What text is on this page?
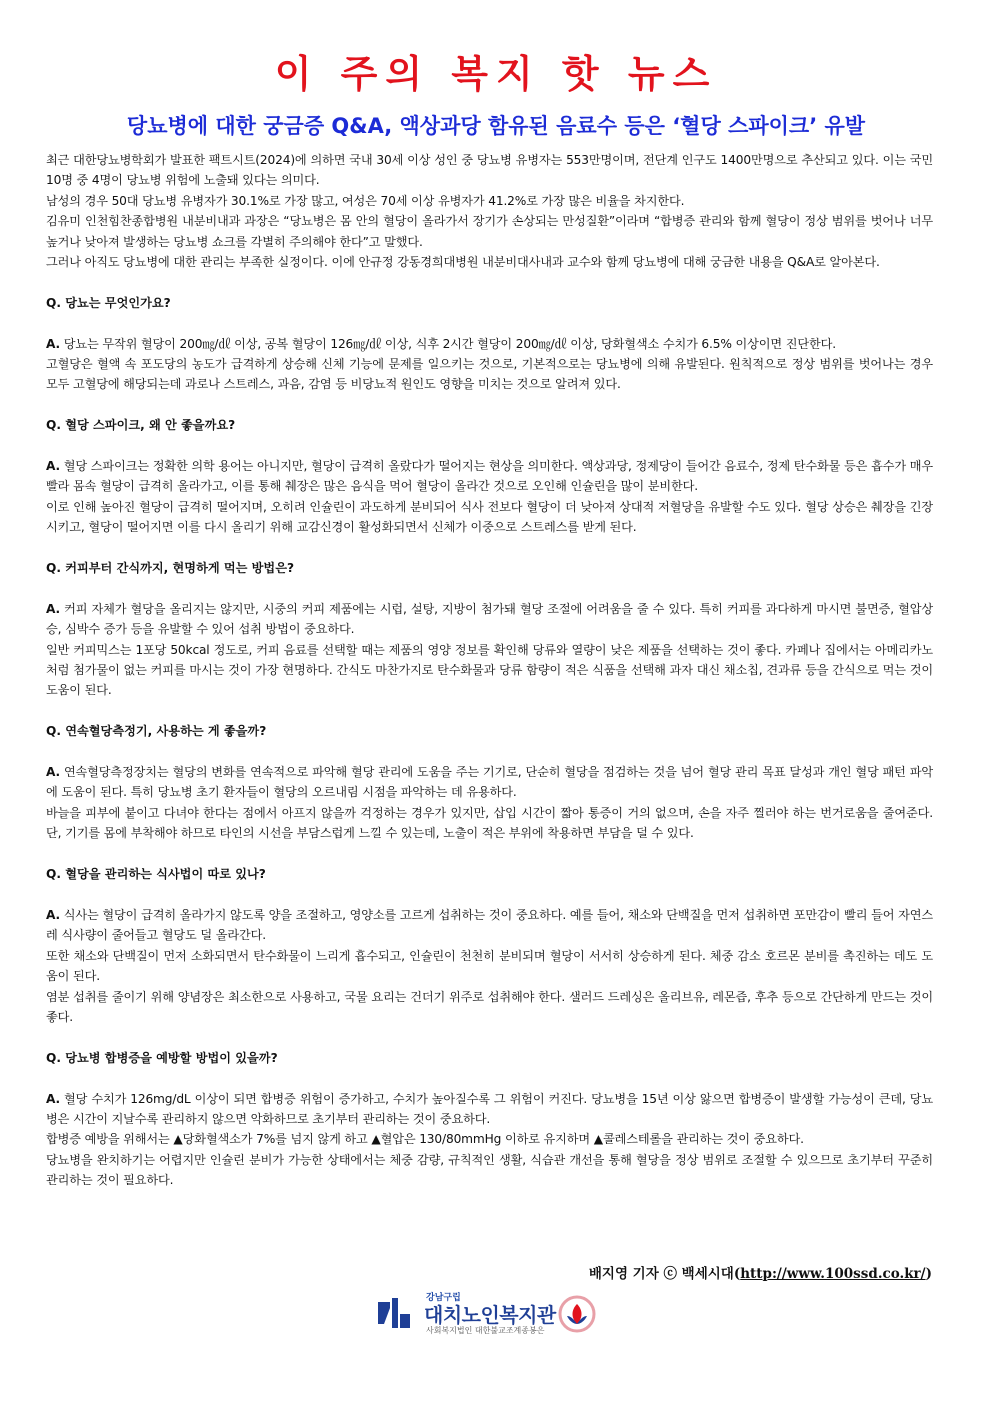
이 주의 복지 핫 뉴스
당뇨병에 대한 궁금증 Q&A, 액상과당 함유된 음료수 등은 ‘혈당 스파이크’ 유발

최근 대한당뇨병학회가 발표한 팩트시트(2024)에 의하면 국내 30세 이상 성인 중 당뇨병 유병자는 553만명이며, 전단계 인구도 1400만명으로 추산되고 있다. 이는 국민 10명 중 4명이 당뇨병 위험에 노출돼 있다는 의미다.

남성의 경우 50대 당뇨병 유병자가 30.1%로 가장 많고, 여성은 70세 이상 유병자가 41.2%로 가장 많은 비율을 차지한다.

김유미 인천힘찬종합병원 내분비내과 과장은 “당뇨병은 몸 안의 혈당이 올라가서 장기가 손상되는 만성질환”이라며 “합병증 관리와 함께 혈당이 정상 범위를 벗어나 너무 높거나 낮아져 발생하는 당뇨병 쇼크를 각별히 주의해야 한다”고 말했다.

그러나 아직도 당뇨병에 대한 관리는 부족한 실정이다. 이에 안규정 강동경희대병원 내분비대사내과 교수와 함께 당뇨병에 대해 궁금한 내용을 Q&A로 알아본다.

Q. 당뇨는 무엇인가요?

A. 당뇨는 무작위 혈당이 200㎎/㎗ 이상, 공복 혈당이 126㎎/㎗ 이상, 식후 2시간 혈당이 200㎎/㎗ 이상, 당화혈색소 수치가 6.5% 이상이면 진단한다.

고혈당은 혈액 속 포도당의 농도가 급격하게 상승해 신체 기능에 문제를 일으키는 것으로, 기본적으로는 당뇨병에 의해 유발된다. 원칙적으로 정상 범위를 벗어나는 경우 모두 고혈당에 해당되는데 과로나 스트레스, 과음, 감염 등 비당뇨적 원인도 영향을 미치는 것으로 알려져 있다.

Q. 혈당 스파이크, 왜 안 좋을까요?

A. 혈당 스파이크는 정확한 의학 용어는 아니지만, 혈당이 급격히 올랐다가 떨어지는 현상을 의미한다. 액상과당, 정제당이 들어간 음료수, 정제 탄수화물 등은 흡수가 매우 빨라 몸속 혈당이 급격히 올라가고, 이를 통해 췌장은 많은 음식을 먹어 혈당이 올라간 것으로 오인해 인슐린을 많이 분비한다.

이로 인해 높아진 혈당이 급격히 떨어지며, 오히려 인슐린이 과도하게 분비되어 식사 전보다 혈당이 더 낮아져 상대적 저혈당을 유발할 수도 있다. 혈당 상승은 췌장을 긴장시키고, 혈당이 떨어지면 이를 다시 올리기 위해 교감신경이 활성화되면서 신체가 이중으로 스트레스를 받게 된다.

Q. 커피부터 간식까지, 현명하게 먹는 방법은?

A. 커피 자체가 혈당을 올리지는 않지만, 시중의 커피 제품에는 시럽, 설탕, 지방이 첨가돼 혈당 조절에 어려움을 줄 수 있다. 특히 커피를 과다하게 마시면 불면증, 혈압상승, 심박수 증가 등을 유발할 수 있어 섭취 방법이 중요하다.

일반 커피믹스는 1포당 50kcal 정도로, 커피 음료를 선택할 때는 제품의 영양 정보를 확인해 당류와 열량이 낮은 제품을 선택하는 것이 좋다. 카페나 집에서는 아메리카노처럼 첨가물이 없는 커피를 마시는 것이 가장 현명하다. 간식도 마찬가지로 탄수화물과 당류 함량이 적은 식품을 선택해 과자 대신 채소칩, 견과류 등을 간식으로 먹는 것이 도움이 된다.

Q. 연속혈당측정기, 사용하는 게 좋을까?

A. 연속혈당측정장치는 혈당의 변화를 연속적으로 파악해 혈당 관리에 도움을 주는 기기로, 단순히 혈당을 점검하는 것을 넘어 혈당 관리 목표 달성과 개인 혈당 패턴 파악에 도움이 된다. 특히 당뇨병 초기 환자들이 혈당의 오르내림 시점을 파악하는 데 유용하다.

바늘을 피부에 붙이고 다녀야 한다는 점에서 아프지 않을까 걱정하는 경우가 있지만, 삽입 시간이 짧아 통증이 거의 없으며, 손을 자주 찔러야 하는 번거로움을 줄여준다. 단, 기기를 몸에 부착해야 하므로 타인의 시선을 부담스럽게 느낄 수 있는데, 노출이 적은 부위에 착용하면 부담을 덜 수 있다.

Q. 혈당을 관리하는 식사법이 따로 있나?

A. 식사는 혈당이 급격히 올라가지 않도록 양을 조절하고, 영양소를 고르게 섭취하는 것이 중요하다. 예를 들어, 채소와 단백질을 먼저 섭취하면 포만감이 빨리 들어 자연스레 식사량이 줄어들고 혈당도 덜 올라간다.

또한 채소와 단백질이 먼저 소화되면서 탄수화물이 느리게 흡수되고, 인슐린이 천천히 분비되며 혈당이 서서히 상승하게 된다. 체중 감소 호르몬 분비를 촉진하는 데도 도움이 된다.

염분 섭취를 줄이기 위해 양념장은 최소한으로 사용하고, 국물 요리는 건더기 위주로 섭취해야 한다. 샐러드 드레싱은 올리브유, 레몬즙, 후추 등으로 간단하게 만드는 것이 좋다.

Q. 당뇨병 합병증을 예방할 방법이 있을까?

A. 혈당 수치가 126mg/dL 이상이 되면 합병증 위험이 증가하고, 수치가 높아질수록 그 위험이 커진다. 당뇨병을 15년 이상 앓으면 합병증이 발생할 가능성이 큰데, 당뇨병은 시간이 지날수록 관리하지 않으면 악화하므로 초기부터 관리하는 것이 중요하다.

합병증 예방을 위해서는 ▲당화혈색소가 7%를 넘지 않게 하고 ▲혈압은 130/80mmHg 이하로 유지하며 ▲콜레스테롤을 관리하는 것이 중요하다.

당뇨병을 완치하기는 어렵지만 인슐린 분비가 가능한 상태에서는 체중 감량, 규칙적인 생활, 식습관 개선을 통해 혈당을 정상 범위로 조절할 수 있으므로 초기부터 꾸준히 관리하는 것이 필요하다.

배지영 기자 ⓒ 백세시대(http://www.100ssd.co.kr/)
강남구립
대치노인복지관
사회복지법인 대한불교조계종봉은
